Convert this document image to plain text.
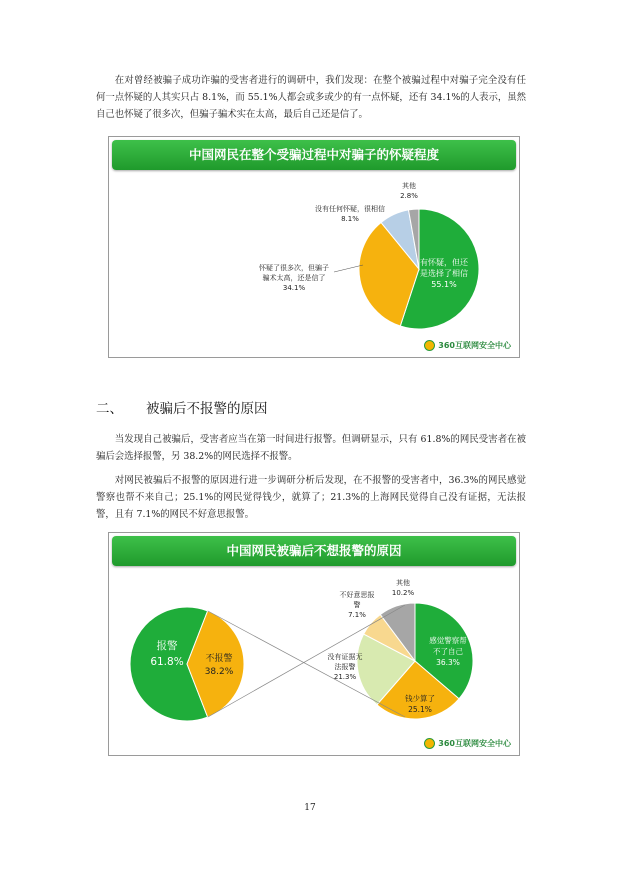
在对曾经被骗子成功诈骗的受害者进行的调研中，我们发现：在整个被骗过程中对骗子完全没有任何一点怀疑的人其实只占 8.1%，而 55.1%人都会或多或少的有一点怀疑，还有 34.1%的人表示，虽然自己也怀疑了很多次，但骗子骗术实在太高，最后自己还是信了。

中国网民在整个受骗过程中对骗子的怀疑程度
有怀疑，但还是选择了相信 55.1%
怀疑了很多次，但骗子骗术太高，还是信了 34.1%
没有任何怀疑，很相信 8.1%
其他 2.8%
360互联网安全中心
二、 被骗后不报警的原因

当发现自己被骗后，受害者应当在第一时间进行报警。但调研显示，只有 61.8%的网民受害者在被骗后会选择报警，另 38.2%的网民选择不报警。

对网民被骗后不报警的原因进行进一步调研分析后发现，在不报警的受害者中，36.3%的网民感觉警察也帮不来自己；25.1%的网民觉得钱少，就算了；21.3%的上海网民觉得自己没有证据，无法报警，且有 7.1%的网民不好意思报警。

中国网民被骗后不想报警的原因
报警 61.8% 不报警 38.2%
感觉警察帮不了自己 36.3%
钱少算了 25.1%
没有证据无法报警 21.3%
不好意思报警 7.1%
其他 10.2%
360互联网安全中心
17
